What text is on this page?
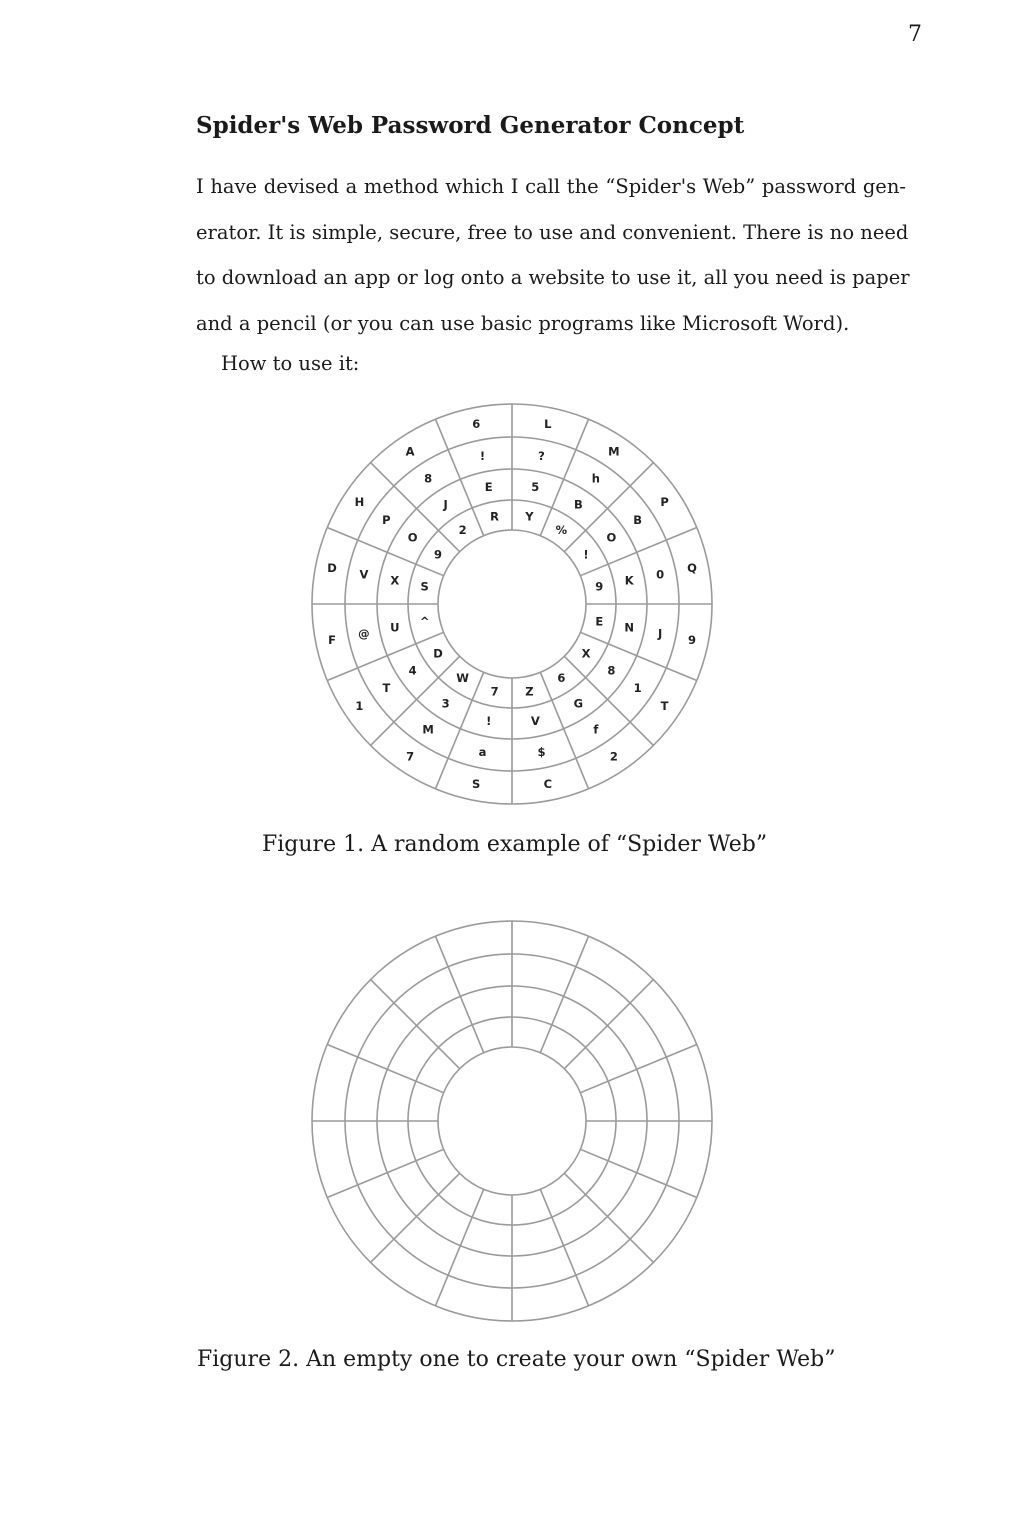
7
Spider's Web Password Generator Concept

I have devised a method which I call the “Spider's Web” password gen-
erator. It is simple, secure, free to use and convenient. There is no need
to download an app or log onto a website to use it, all you need is paper
and a pencil (or you can use basic programs like Microsoft Word).

How to use it:

L
M
P
Q
9
T
2
C
S
7
1
F
D
H
A
6
?
h
B
0
J
1
f
$
a
M
T
@
V
P
8
!
5
B
O
K
N
8
G
V
!
3
4
U
X
O
J
E
Y
%
!
9
E
X
6
Z
7
W
D
^
S
9
2
R

Figure 1. A random example of “Spider Web”

Figure 2. An empty one to create your own “Spider Web”
